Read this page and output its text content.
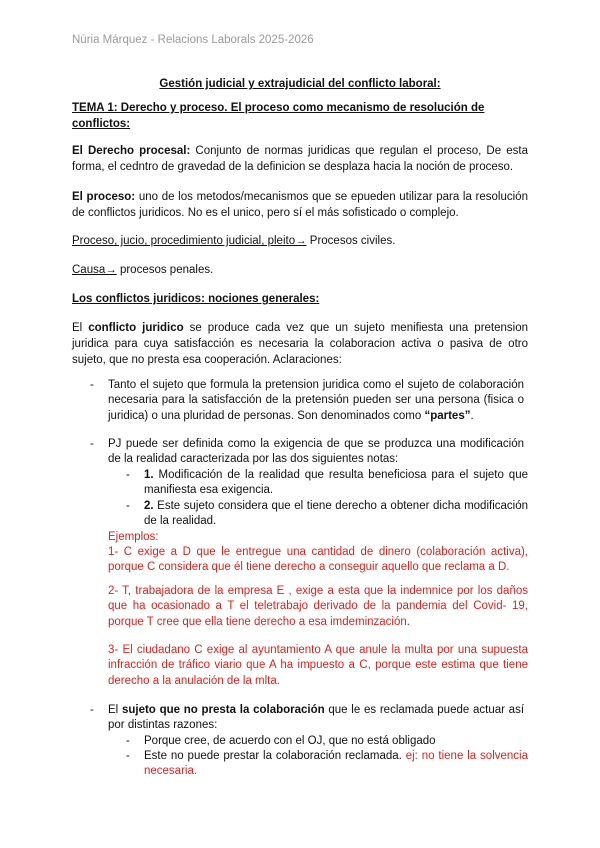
Núria Márquez - Relacions Laborals 2025-2026
Gestión judicial y extrajudicial del conflicto laboral:
TEMA 1: Derecho y proceso. El proceso como mecanismo de resolución de conflictos:
El Derecho procesal: Conjunto de normas juridicas que regulan el proceso, De esta forma, el cedntro de gravedad de la definicion se desplaza hacia la noción de proceso.
El proceso: uno de los metodos/mecanismos que se epueden utilizar para la resolución de conflictos juridicos. No es el unico, pero sí el más sofisticado o complejo.
Proceso, jucio, procedimiento judicial, pleito→ Procesos civiles.
Causa→ procesos penales.
Los conflictos juridicos: nociones generales:
El conflicto juridico se produce cada vez que un sujeto menifiesta una pretension juridica para cuya satisfacción es necesaria la colaboracion activa o pasiva de otro sujeto, que no presta esa cooperación. Aclaraciones:
- Tanto el sujeto que formula la pretension juridica como el sujeto de colaboración necesaria para la satisfacción de la pretensión pueden ser una persona (fisica o juridica) o una pluridad de personas. Son denominados como “partes”.
- PJ puede ser definida como la exigencia de que se produzca una modificación de la realidad caracterizada por las dos siguientes notas:
- 1. Modificación de la realidad que resulta beneficiosa para el sujeto que manifiesta esa exigencia.
- 2. Este sujeto considera que el tiene derecho a obtener dicha modificación de la realidad.
Ejemplos:
1- C exige a D que le entregue una cantidad de dinero (colaboración activa), porque C considera que él tiene derecho a conseguir aquello que reclama a D.
2- T, trabajadora de la empresa E , exige a esta que la indemnice por los daños que ha ocasionado a T el teletrabajo derivado de la pandemia del Covid- 19, porque T cree que ella tiene derecho a esa imdeminzación.
3- El ciudadano C exige al ayuntamiento A que anule la multa por una supuesta infracción de tráfico viario que A ha impuesto a C, porque este estima que tiene derecho a la anulación de la mlta.
- El sujeto que no presta la colaboración que le es reclamada puede actuar así por distintas razones:
- Porque cree, de acuerdo con el OJ, que no está obligado
- Este no puede prestar la colaboración reclamada. ej: no tiene la solvencia necesaria.
